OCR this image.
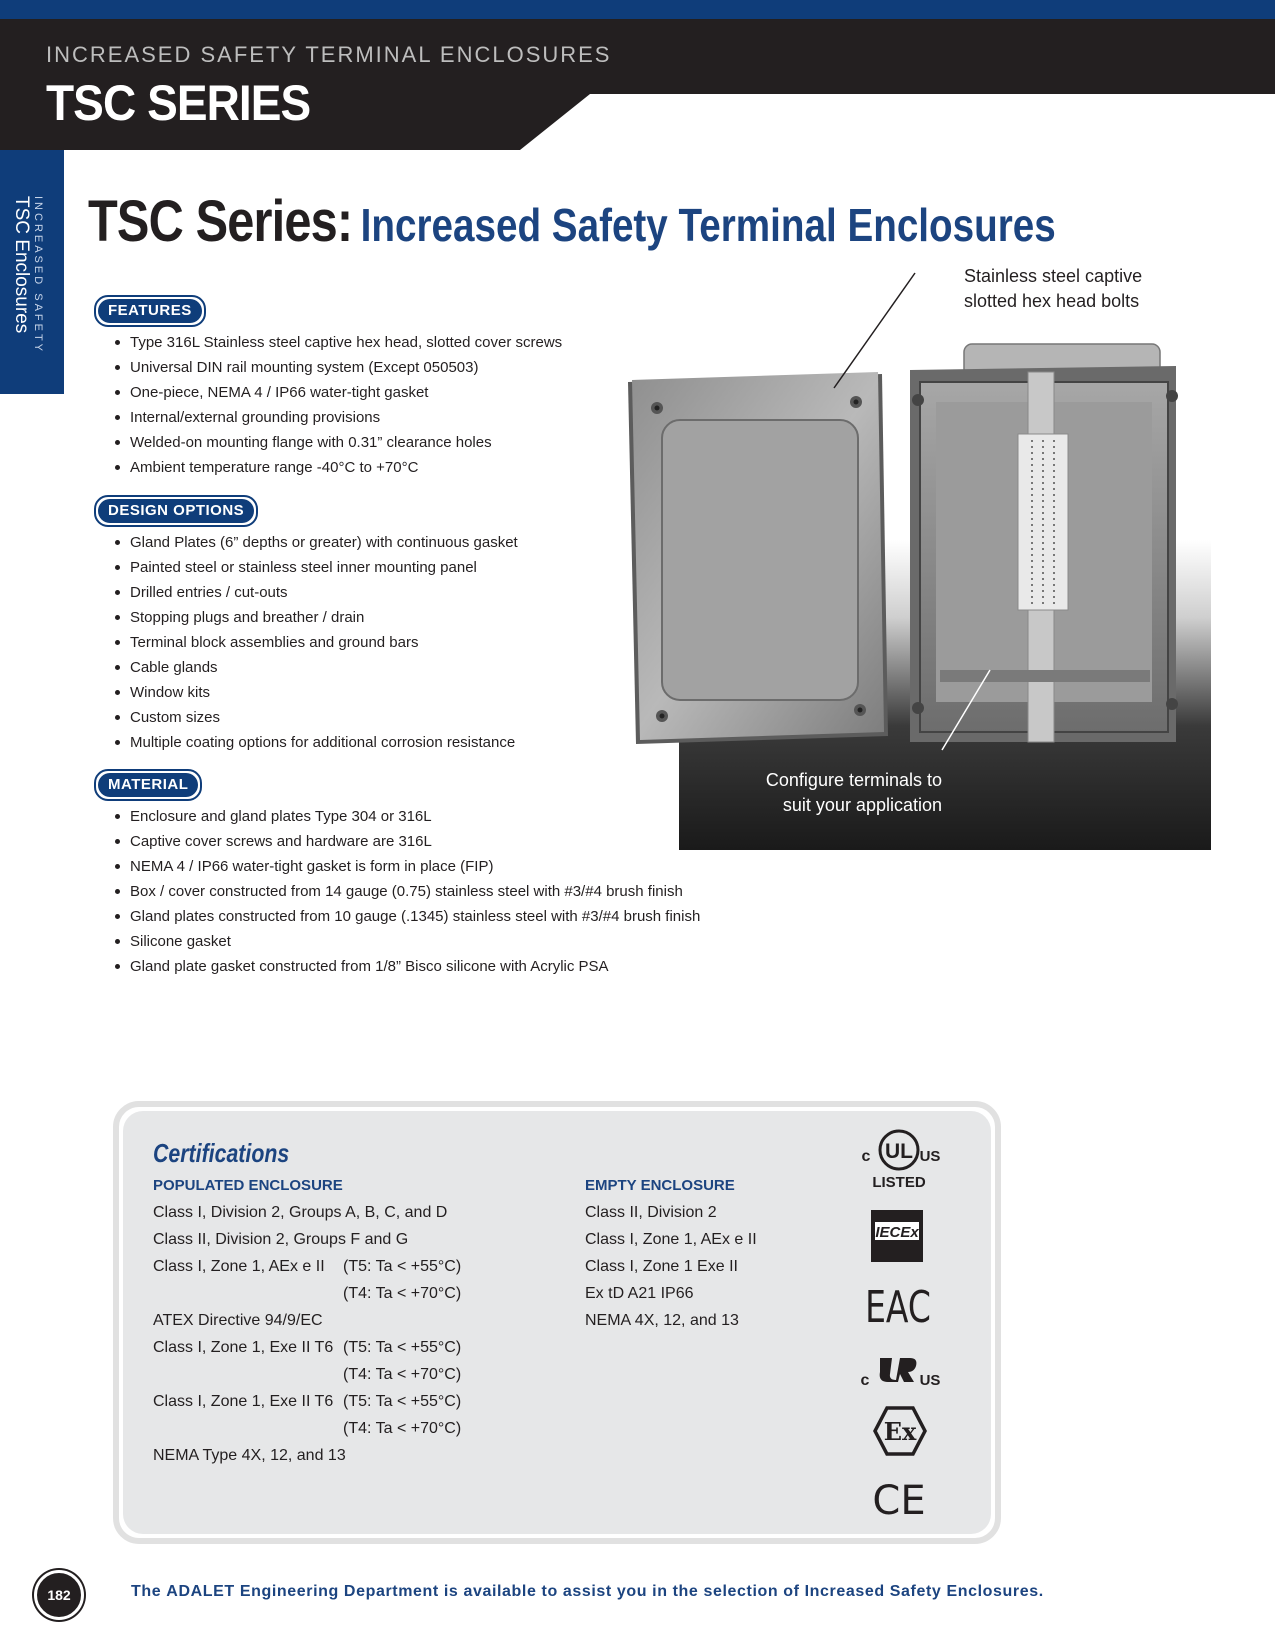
INCREASED SAFETY TERMINAL ENCLOSURES
TSC SERIES
INCREASED SAFETY
TSC Enclosures TSC Series: Increased Safety Terminal Enclosures
FEATURES
Type 316L Stainless steel captive hex head, slotted cover screws
Universal DIN rail mounting system (Except 050503)
One-piece, NEMA 4 / IP66 water-tight gasket
Internal/external grounding provisions
Welded-on mounting flange with 0.31” clearance holes
Ambient temperature range -40°C to +70°C
DESIGN OPTIONS
Gland Plates (6” depths or greater) with continuous gasket
Painted steel or stainless steel inner mounting panel
Drilled entries / cut-outs
Stopping plugs and breather / drain
Terminal block assemblies and ground bars
Cable glands
Window kits
Custom sizes
Multiple coating options for additional corrosion resistance
MATERIAL
Enclosure and gland plates Type 304 or 316L
Captive cover screws and hardware are 316L
NEMA 4 / IP66 water-tight gasket is form in place (FIP)
Box / cover constructed from 14 gauge (0.75) stainless steel with #3/#4 brush finish
Gland plates constructed from 10 gauge (.1345) stainless steel with #3/#4 brush finish
Silicone gasket
Gland plate gasket constructed from 1/8” Bisco silicone with Acrylic PSA
Stainless steel captive
slotted hex head bolts
Configure terminals to
suit your application
Certifications
POPULATED ENCLOSURE
Class I, Division 2, Groups A, B, C, and D
Class II, Division 2, Groups F and G
Class I, Zone 1, AEx e II (T5: Ta < +55°C)
(T4: Ta < +70°C)
ATEX Directive 94/9/EC
Class I, Zone 1, Exe II T6 (T5: Ta < +55°C)
(T4: Ta < +70°C)
Class I, Zone 1, Exe II T6 (T5: Ta < +55°C)
(T4: Ta < +70°C)
NEMA Type 4X, 12, and 13
EMPTY ENCLOSURE
Class II, Division 2
Class I, Zone 1, AEx e II
Class I, Zone 1 Exe II
Ex tD A21 IP66
NEMA 4X, 12, and 13
UL
c	US
LISTED
IECEx
EAC
c	US
Ex
CE
182	The ADALET Engineering Department is available to assist you in the selection of Increased Safety Enclosures.
